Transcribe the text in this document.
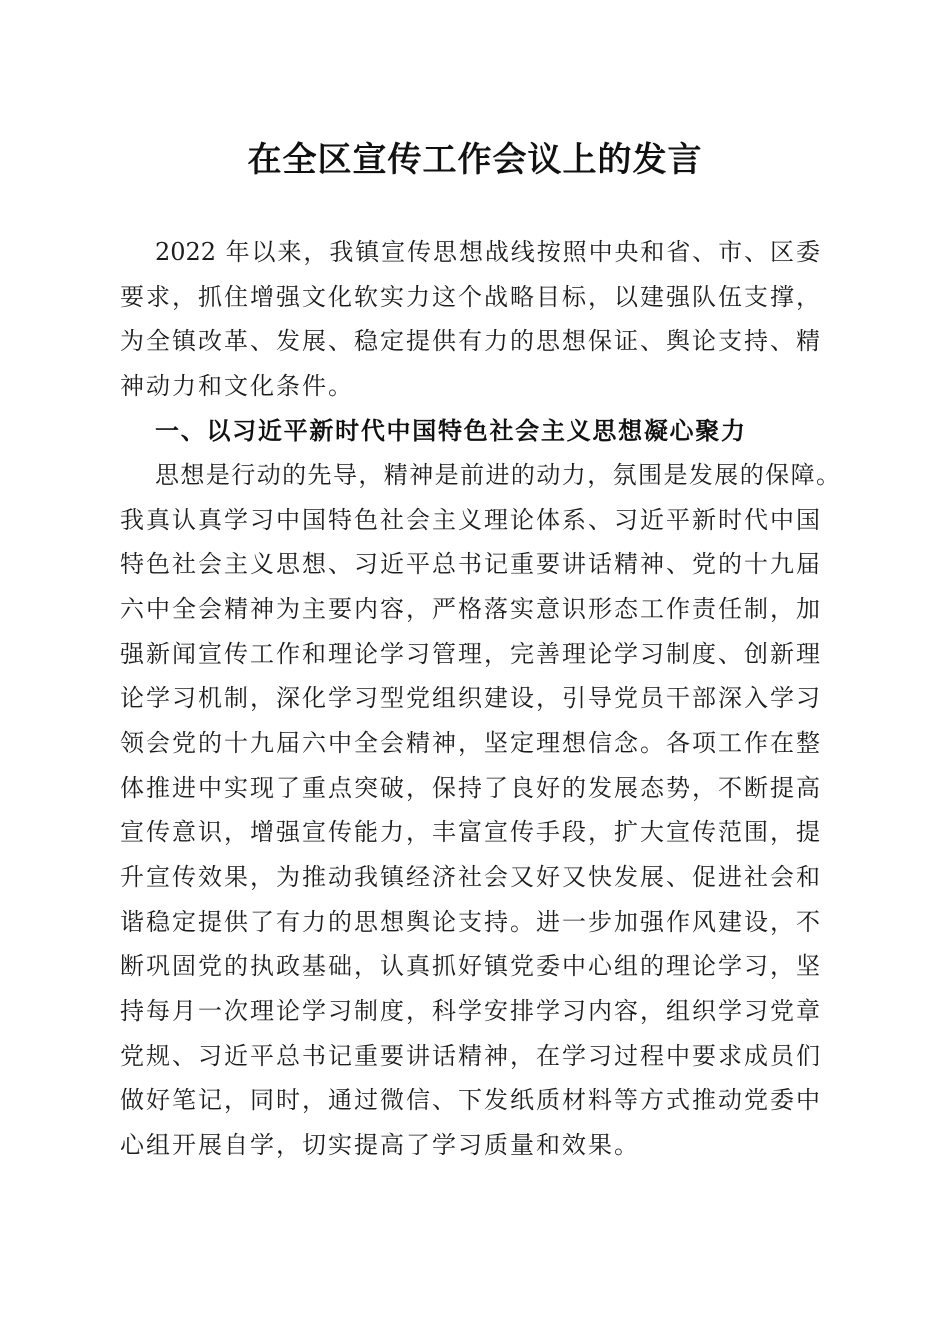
在全区宣传工作会议上的发言
2022 年以来，我镇宣传思想战线按照中央和省、市、区委
要求，抓住增强文化软实力这个战略目标，以建强队伍支撑，
为全镇改革、发展、稳定提供有力的思想保证、舆论支持、精
神动力和文化条件。
一、以习近平新时代中国特色社会主义思想凝心聚力
思想是行动的先导，精神是前进的动力，氛围是发展的保障。
我真认真学习中国特色社会主义理论体系、习近平新时代中国
特色社会主义思想、习近平总书记重要讲话精神、党的十九届
六中全会精神为主要内容，严格落实意识形态工作责任制，加
强新闻宣传工作和理论学习管理，完善理论学习制度、创新理
论学习机制，深化学习型党组织建设，引导党员干部深入学习
领会党的十九届六中全会精神，坚定理想信念。各项工作在整
体推进中实现了重点突破，保持了良好的发展态势，不断提高
宣传意识，增强宣传能力，丰富宣传手段，扩大宣传范围，提
升宣传效果，为推动我镇经济社会又好又快发展、促进社会和
谐稳定提供了有力的思想舆论支持。进一步加强作风建设，不
断巩固党的执政基础，认真抓好镇党委中心组的理论学习，坚
持每月一次理论学习制度，科学安排学习内容，组织学习党章
党规、习近平总书记重要讲话精神，在学习过程中要求成员们
做好笔记，同时，通过微信、下发纸质材料等方式推动党委中
心组开展自学，切实提高了学习质量和效果。
